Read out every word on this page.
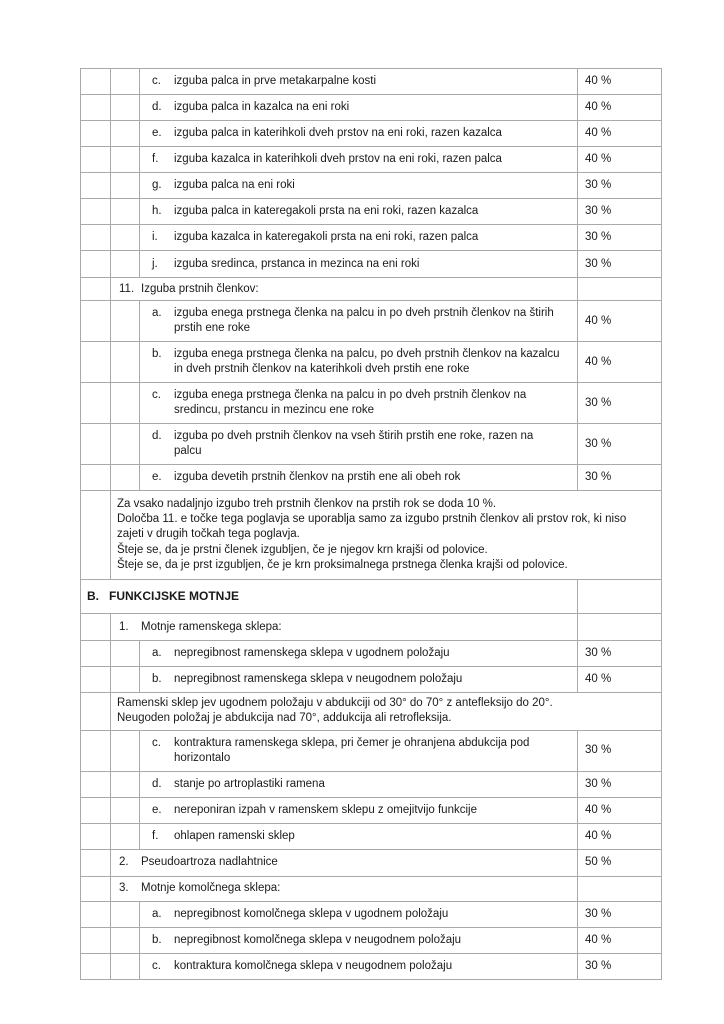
		c. izguba palca in prve metakarpalne kosti	40 %

		d. izguba palca in kazalca na eni roki	40 %

		e. izguba palca in katerihkoli dveh prstov na eni roki, razen kazalca	40 %

		f. izguba kazalca in katerihkoli dveh prstov na eni roki, razen palca	40 %

		g. izguba palca na eni roki	30 %

		h. izguba palca in kateregakoli prsta na eni roki, razen kazalca	30 %

		i. izguba kazalca in kateregakoli prsta na eni roki, razen palca	30 %

		j. izguba sredinca, prstanca in mezinca na eni roki	30 %

	11. Izguba prstnih členkov:		

		a. izguba enega prstnega členka na palcu in po dveh prstnih členkov na štirih prstih ene roke	40 %

		b. izguba enega prstnega členka na palcu, po dveh prstnih členkov na kazalcu in dveh prstnih členkov na katerihkoli dveh prstih ene roke	40 %

		c. izguba enega prstnega členka na palcu in po dveh prstnih členkov na sredincu, prstancu in mezincu ene roke	30 %

		d. izguba po dveh prstnih členkov na vseh štirih prstih ene roke, razen na palcu	30 %

		e. izguba devetih prstnih členkov na prstih ene ali obeh rok	30 %

	Za vsako nadaljnjo izgubo treh prstnih členkov na prstih rok se doda 10 %.
Določba 11. e točke tega poglavja se uporablja samo za izgubo prstnih členkov ali prstov rok, ki niso zajeti v drugih točkah tega poglavja.
Šteje se, da je prstni členek izgubljen, če je njegov krn krajši od polovice.
Šteje se, da je prst izgubljen, če je krn proksimalnega prstnega členka krajši od polovice.		

B. FUNKCIJSKE MOTNJE			

	1. Motnje ramenskega sklepa:		

		a. nepregibnost ramenskega sklepa v ugodnem položaju	30 %

		b. nepregibnost ramenskega sklepa v neugodnem položaju	40 %

	Ramenski sklep jev ugodnem položaju v abdukciji od 30° do 70° z antefleksijo do 20°.
Neugoden položaj je abdukcija nad 70°, addukcija ali retrofleksija.		

		c. kontraktura ramenskega sklepa, pri čemer je ohranjena abdukcija pod horizontalo	30 %

		d. stanje po artroplastiki ramena	30 %

		e. nereponiran izpah v ramenskem sklepu z omejitvijo funkcije	40 %

		f. ohlapen ramenski sklep	40 %

	2. Pseudoartroza nadlahtnice		50 %

	3. Motnje komolčnega sklepa:		

		a. nepregibnost komolčnega sklepa v ugodnem položaju	30 %

		b. nepregibnost komolčnega sklepa v neugodnem položaju	40 %

		c. kontraktura komolčnega sklepa v neugodnem položaju	30 %
